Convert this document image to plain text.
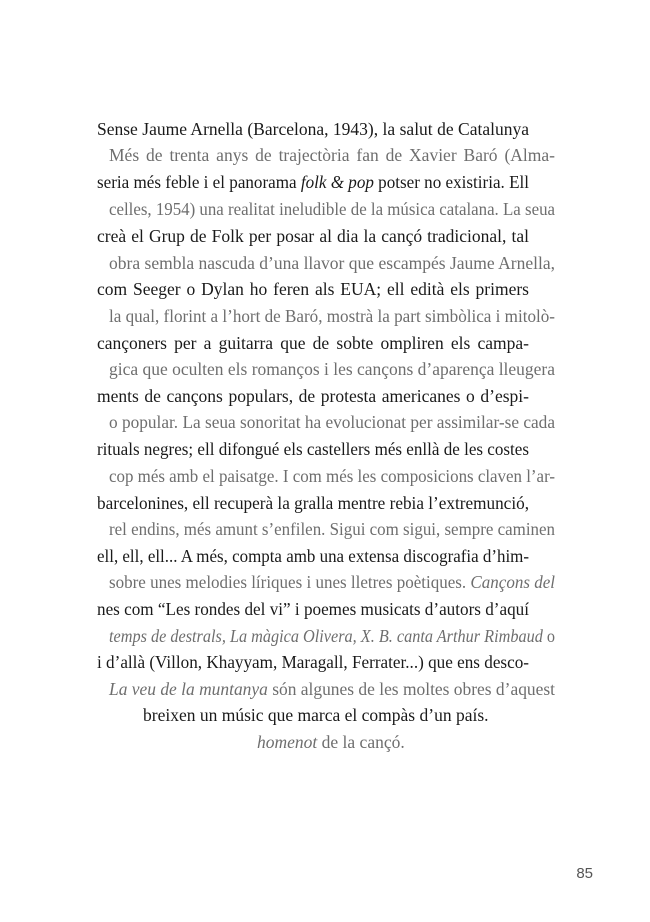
Sense Jaume Arnella (Barcelona, 1943), la salut de Catalunya
Més de trenta anys de trajectòria fan de Xavier Baró (Alma-
seria més feble i el panorama folk & pop potser no existiria. Ell
celles, 1954) una realitat ineludible de la música catalana. La seua
creà el Grup de Folk per posar al dia la cançó tradicional, tal
obra sembla nascuda d’una llavor que escampés Jaume Arnella,
com Seeger o Dylan ho feren als EUA; ell edità els primers
la qual, florint a l’hort de Baró, mostrà la part simbòlica i mitolò-
cançoners per a guitarra que de sobte ompliren els campa-
gica que oculten els romanços i les cançons d’aparença lleugera
ments de cançons populars, de protesta americanes o d’espi-
o popular. La seua sonoritat ha evolucionat per assimilar-se cada
rituals negres; ell difongué els castellers més enllà de les costes
cop més amb el paisatge. I com més les composicions claven l’ar-
barcelonines, ell recuperà la gralla mentre rebia l’extremunció,
rel endins, més amunt s’enfilen. Sigui com sigui, sempre caminen
ell, ell, ell... A més, compta amb una extensa discografia d’him-
sobre unes melodies líriques i unes lletres poètiques. Cançons del
nes com “Les rondes del vi” i poemes musicats d’autors d’aquí
temps de destrals, La màgica Olivera, X. B. canta Arthur Rimbaud o
i d’allà (Villon, Khayyam, Maragall, Ferrater...) que ens desco-
La veu de la muntanya són algunes de les moltes obres d’aquest
breixen un músic que marca el compàs d’un país.
homenot de la cançó.
85
